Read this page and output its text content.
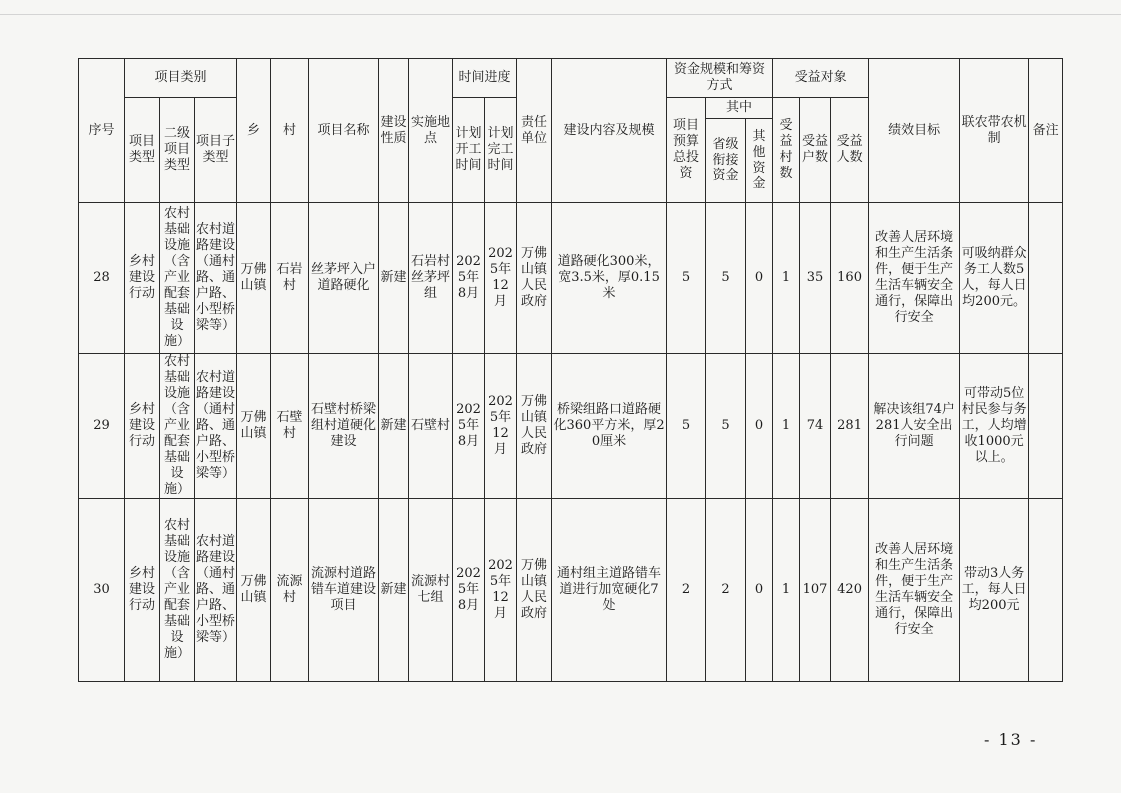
序号	项目类别			乡	村	项目名称	建设性质	实施地点	时间进度		责任单位	建设内容及规模	资金规模和筹资方式			受益对象			绩效目标	联农带农机制	备注
	项目类型	二级项目类型	项目子类型						计划开工时间	计划完工时间			项目预算总投资	其中		受益村数	受益户数	受益人数			
														省级衔接资金	其他资金						
28	乡村建设行动	农村基础设施（含产业配套基础设施）	农村道路建设（通村路、通户路、小型桥梁等）	万佛山镇	石岩村	丝茅坪入户道路硬化	新建	石岩村丝茅坪组	2025年8月	2025年12月	万佛山镇人民政府	道路硬化300米，宽3.5米，厚0.15米	5	5	0	1	35	160	改善人居环境和生产生活条件，便于生产生活车辆安全通行，保障出行安全	可吸纳群众务工人数5人，每人日均200元。	
29	乡村建设行动	农村基础设施（含产业配套基础设施）	农村道路建设（通村路、通户路、小型桥梁等）	万佛山镇	石壁村	石壁村桥梁组村道硬化建设	新建	石壁村	2025年8月	2025年12月	万佛山镇人民政府	桥梁组路口道路硬化360平方米，厚20厘米	5	5	0	1	74	281	解决该组74户281人安全出行问题	可带动5位村民参与务工，人均增收1000元以上。	
30	乡村建设行动	农村基础设施（含产业配套基础设施）	农村道路建设（通村路、通户路、小型桥梁等）	万佛山镇	流源村	流源村道路错车道建设项目	新建	流源村七组	2025年8月	2025年12月	万佛山镇人民政府	通村组主道路错车道进行加宽硬化7处	2	2	0	1	107	420	改善人居环境和生产生活条件，便于生产生活车辆安全通行，保障出行安全	带动3人务工，每人日均200元	
- 13 -
